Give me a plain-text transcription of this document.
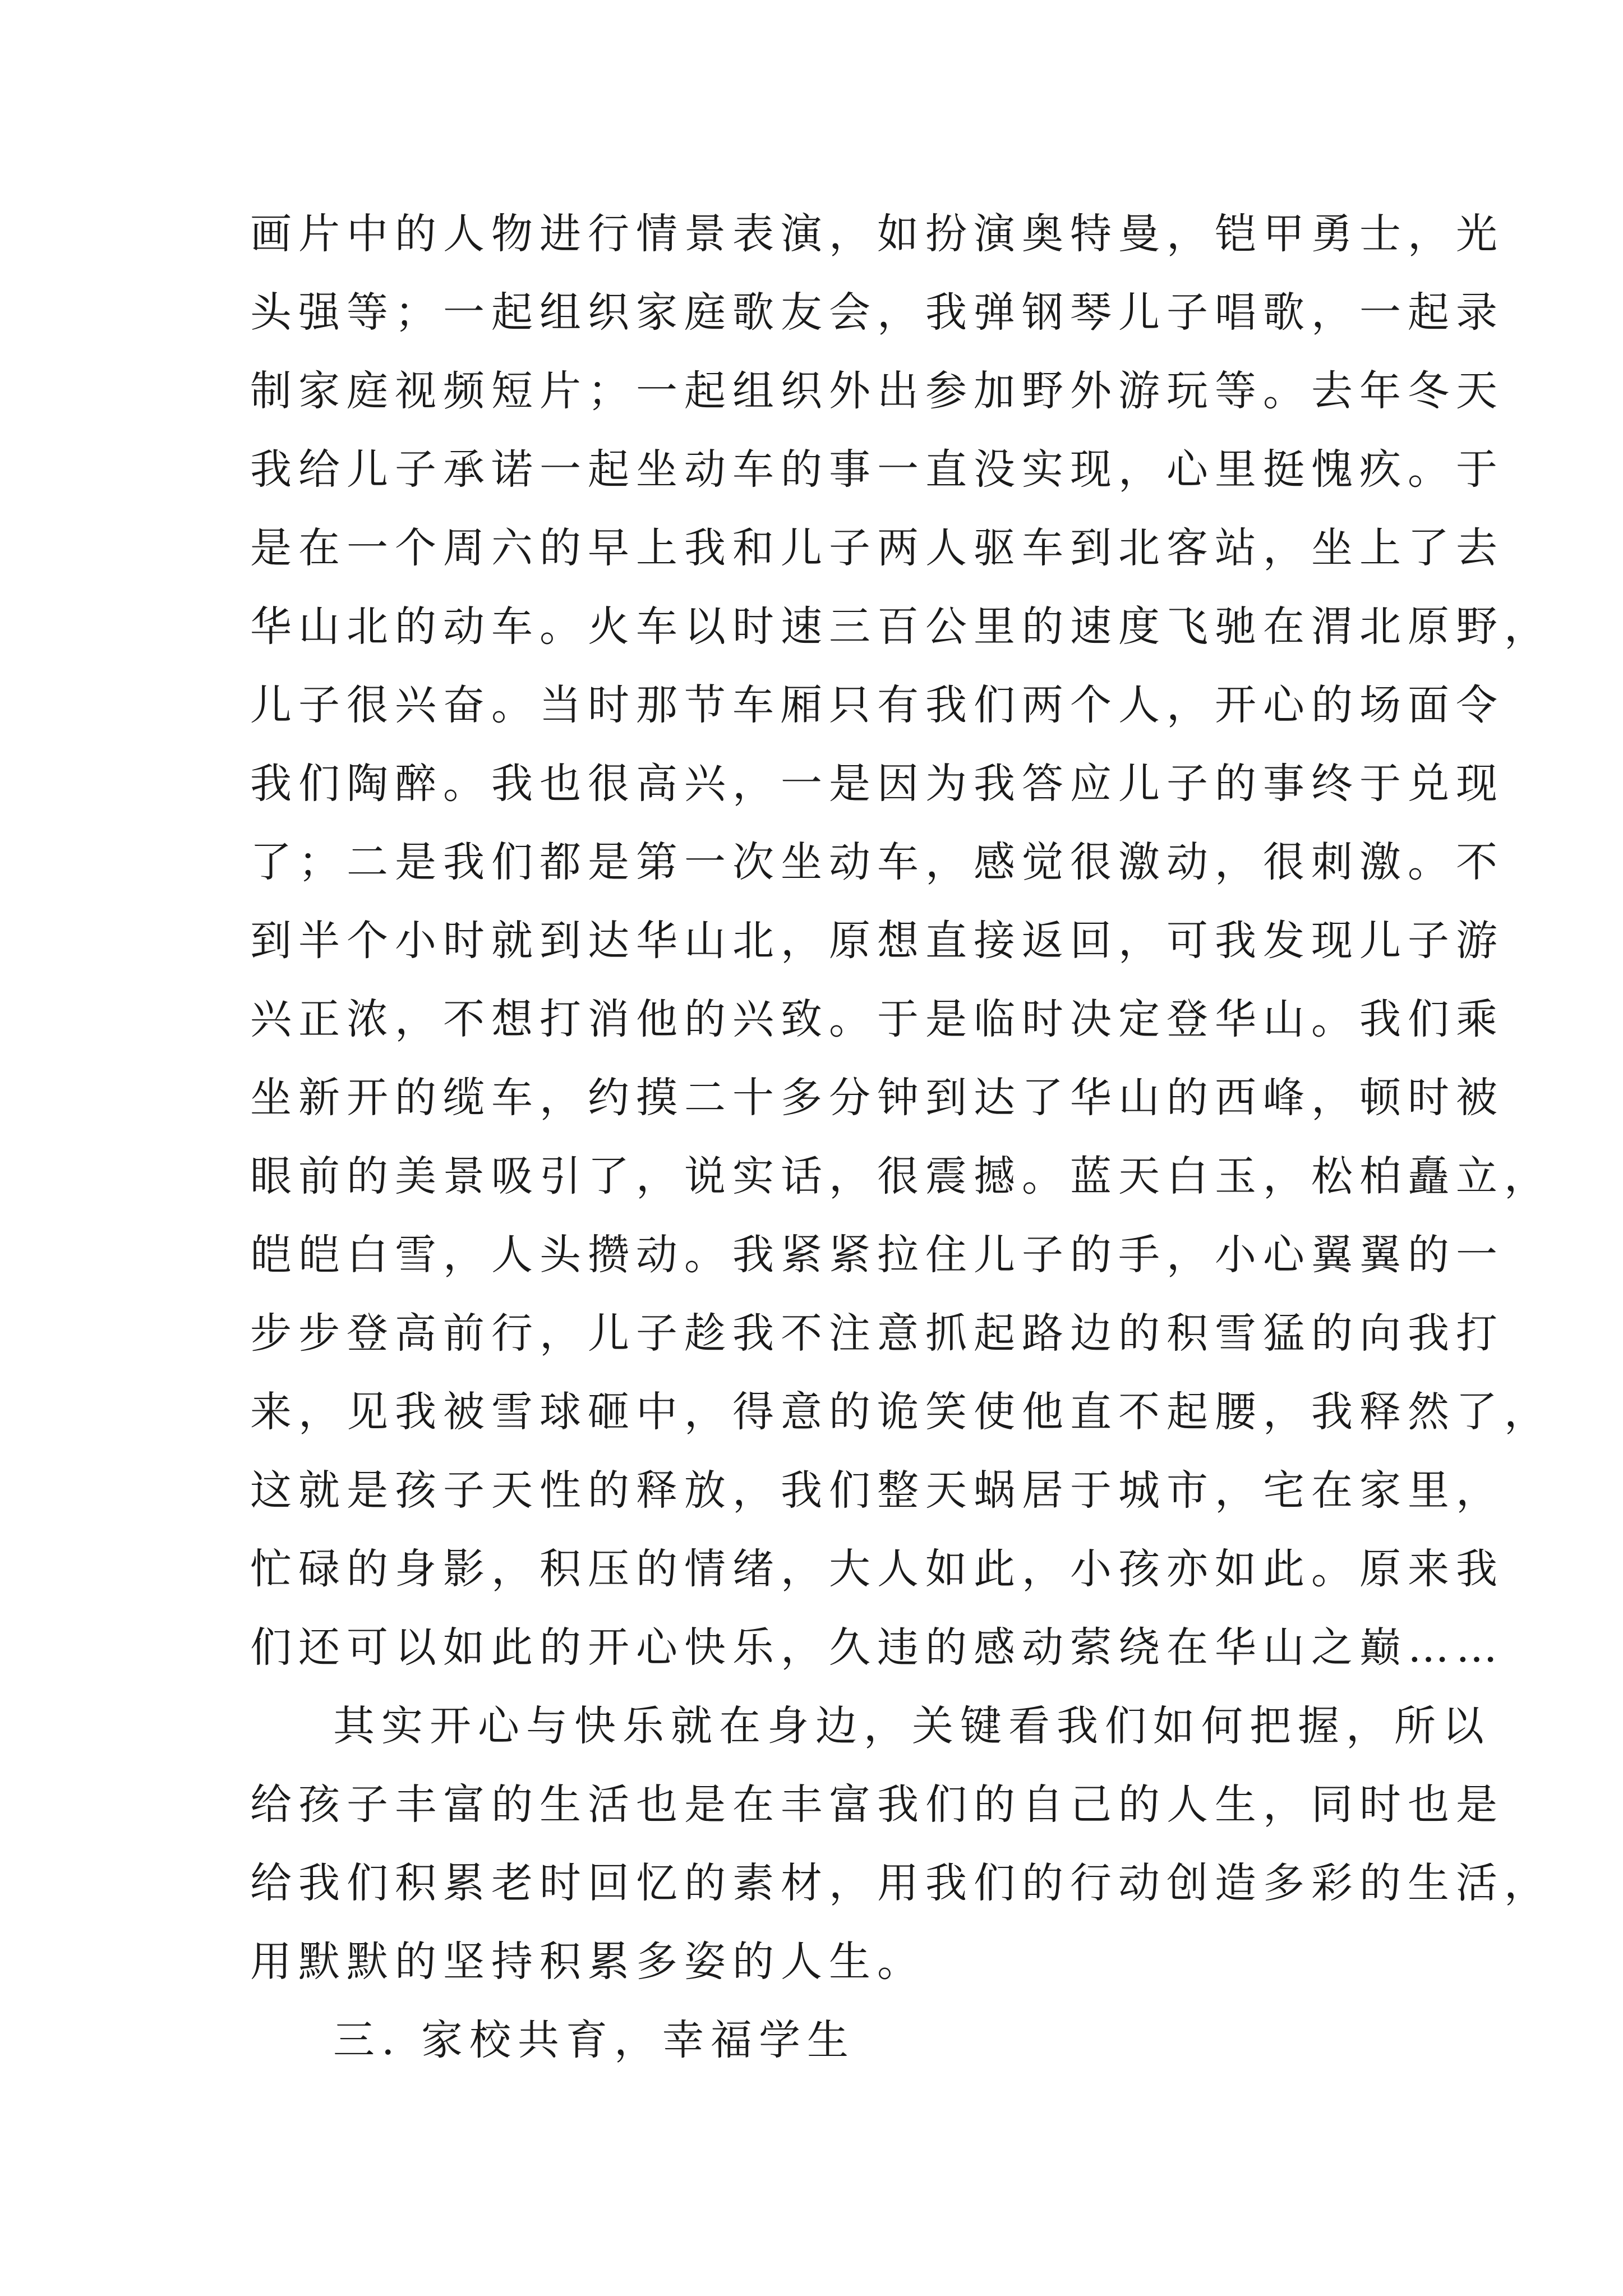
画片中的人物进行情景表演，如扮演奥特曼，铠甲勇士，光
头强等；一起组织家庭歌友会，我弹钢琴儿子唱歌，一起录
制家庭视频短片；一起组织外出参加野外游玩等。去年冬天
我给儿子承诺一起坐动车的事一直没实现，心里挺愧疚。于
是在一个周六的早上我和儿子两人驱车到北客站，坐上了去
华山北的动车。火车以时速三百公里的速度飞驰在渭北原野，
儿子很兴奋。当时那节车厢只有我们两个人，开心的场面令
我们陶醉。我也很高兴，一是因为我答应儿子的事终于兑现
了；二是我们都是第一次坐动车，感觉很激动，很刺激。不
到半个小时就到达华山北，原想直接返回，可我发现儿子游
兴正浓，不想打消他的兴致。于是临时决定登华山。我们乘
坐新开的缆车，约摸二十多分钟到达了华山的西峰，顿时被
眼前的美景吸引了，说实话，很震撼。蓝天白玉，松柏矗立，
皑皑白雪，人头攒动。我紧紧拉住儿子的手，小心翼翼的一
步步登高前行，儿子趁我不注意抓起路边的积雪猛的向我打
来，见我被雪球砸中，得意的诡笑使他直不起腰，我释然了，
这就是孩子天性的释放，我们整天蜗居于城市，宅在家里，
忙碌的身影，积压的情绪，大人如此，小孩亦如此。原来我
们还可以如此的开心快乐，久违的感动萦绕在华山之巅……
其实开心与快乐就在身边，关键看我们如何把握，所以
给孩子丰富的生活也是在丰富我们的自己的人生，同时也是
给我们积累老时回忆的素材，用我们的行动创造多彩的生活，
用默默的坚持积累多姿的人生。
三. 家校共育，幸福学生
